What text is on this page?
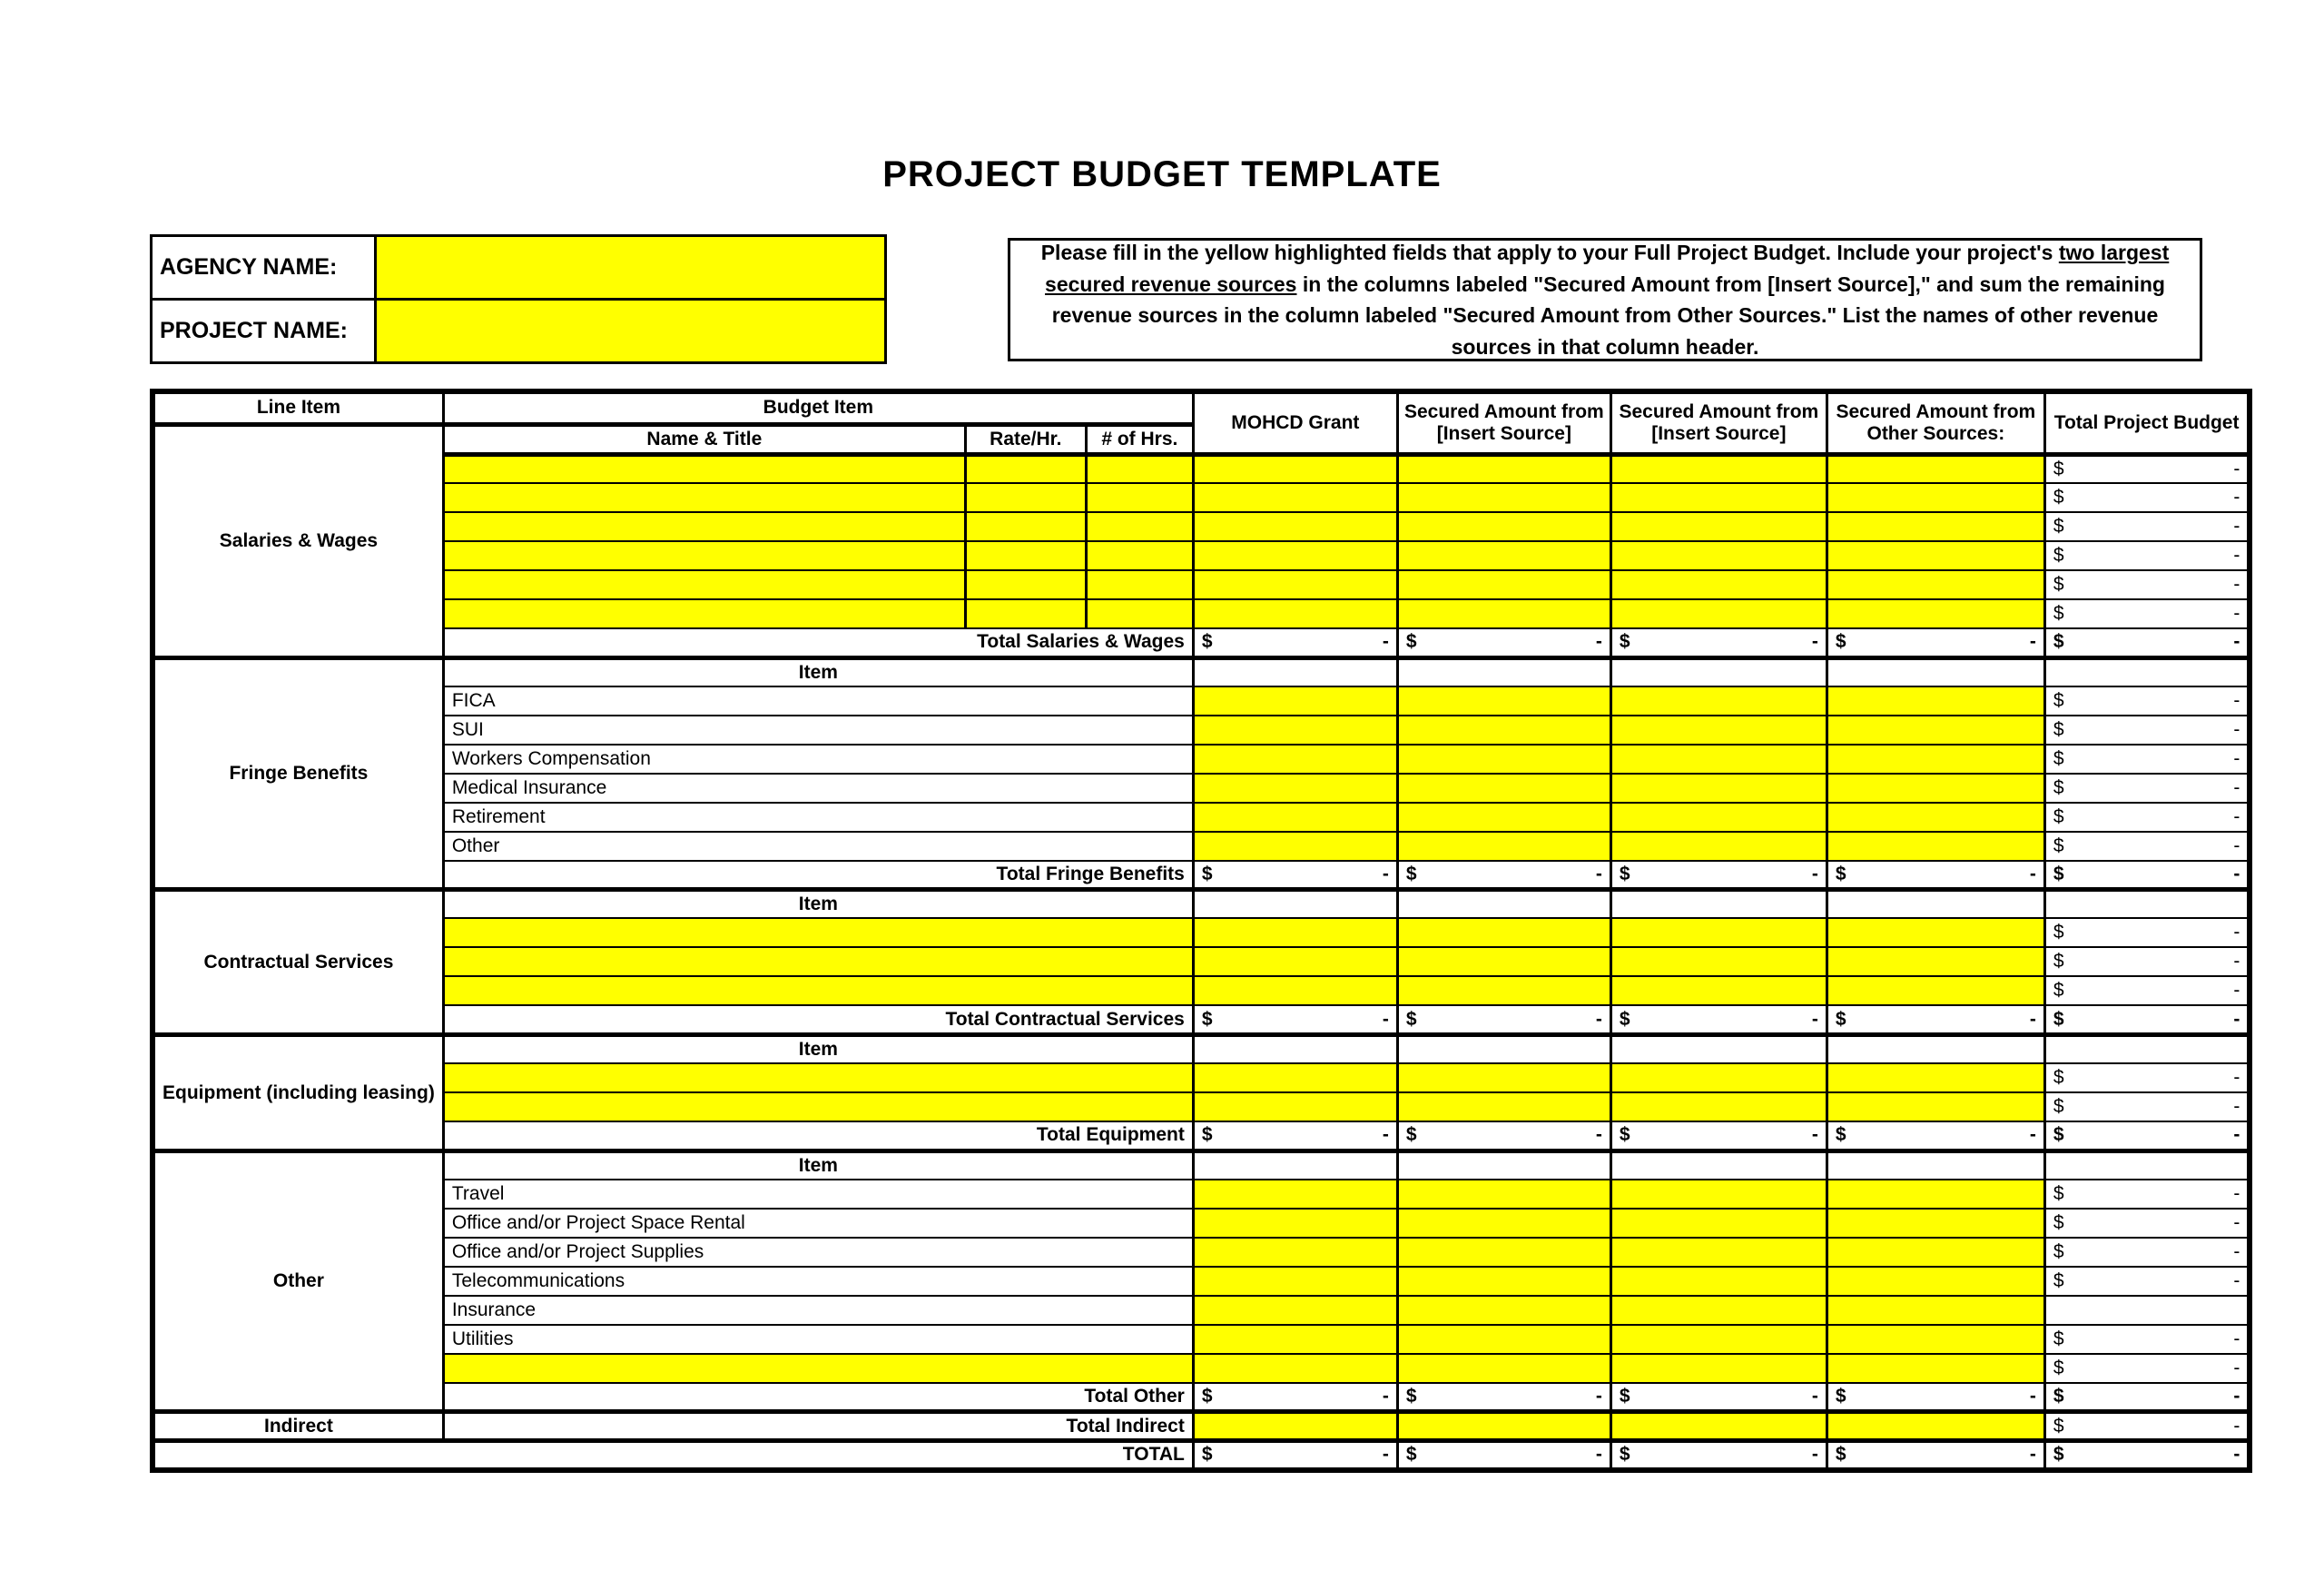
PROJECT BUDGET TEMPLATE
AGENCY NAME:	
PROJECT NAME:	

Please fill in the yellow highlighted fields that apply to your Full Project Budget. Include your project's two largest secured revenue sources in the columns labeled "Secured Amount from [Insert Source]," and sum the remaining revenue sources in the column labeled "Secured Amount from Other Sources." List the names of other revenue sources in that column header.

Line Item	Budget Item			MOHCD Grant	Secured Amount from [Insert Source]	Secured Amount from [Insert Source]	Secured Amount from Other Sources:	Total Project Budget
Salaries & Wages	Name & Title	Rate/Hr.	# of Hrs.					

								$ -

								$ -

								$ -

								$ -

								$ -

								$ -

	Total Salaries & Wages			$ -	$ -	$ -	$ -	$ -

Fringe Benefits	Item							
	FICA							$ -

	SUI							$ -

	Workers Compensation							$ -

	Medical Insurance							$ -

	Retirement							$ -

	Other							$ -

	Total Fringe Benefits			$ -	$ -	$ -	$ -	$ -

Contractual Services	Item							

								$ -

								$ -

								$ -

	Total Contractual Services			$ -	$ -	$ -	$ -	$ -

Equipment (including leasing)	Item							

								$ -

								$ -

	Total Equipment			$ -	$ -	$ -	$ -	$ -

Other	Item							
	Travel							$ -

	Office and/or Project Space Rental							$ -

	Office and/or Project Supplies							$ -

	Telecommunications							$ -

	Insurance							
	Utilities							$ -

								$ -

	Total Other			$ -	$ -	$ -	$ -	$ -

Indirect	Total Indirect							$ -

TOTAL				$ -	$ -	$ -	$ -	$ -
